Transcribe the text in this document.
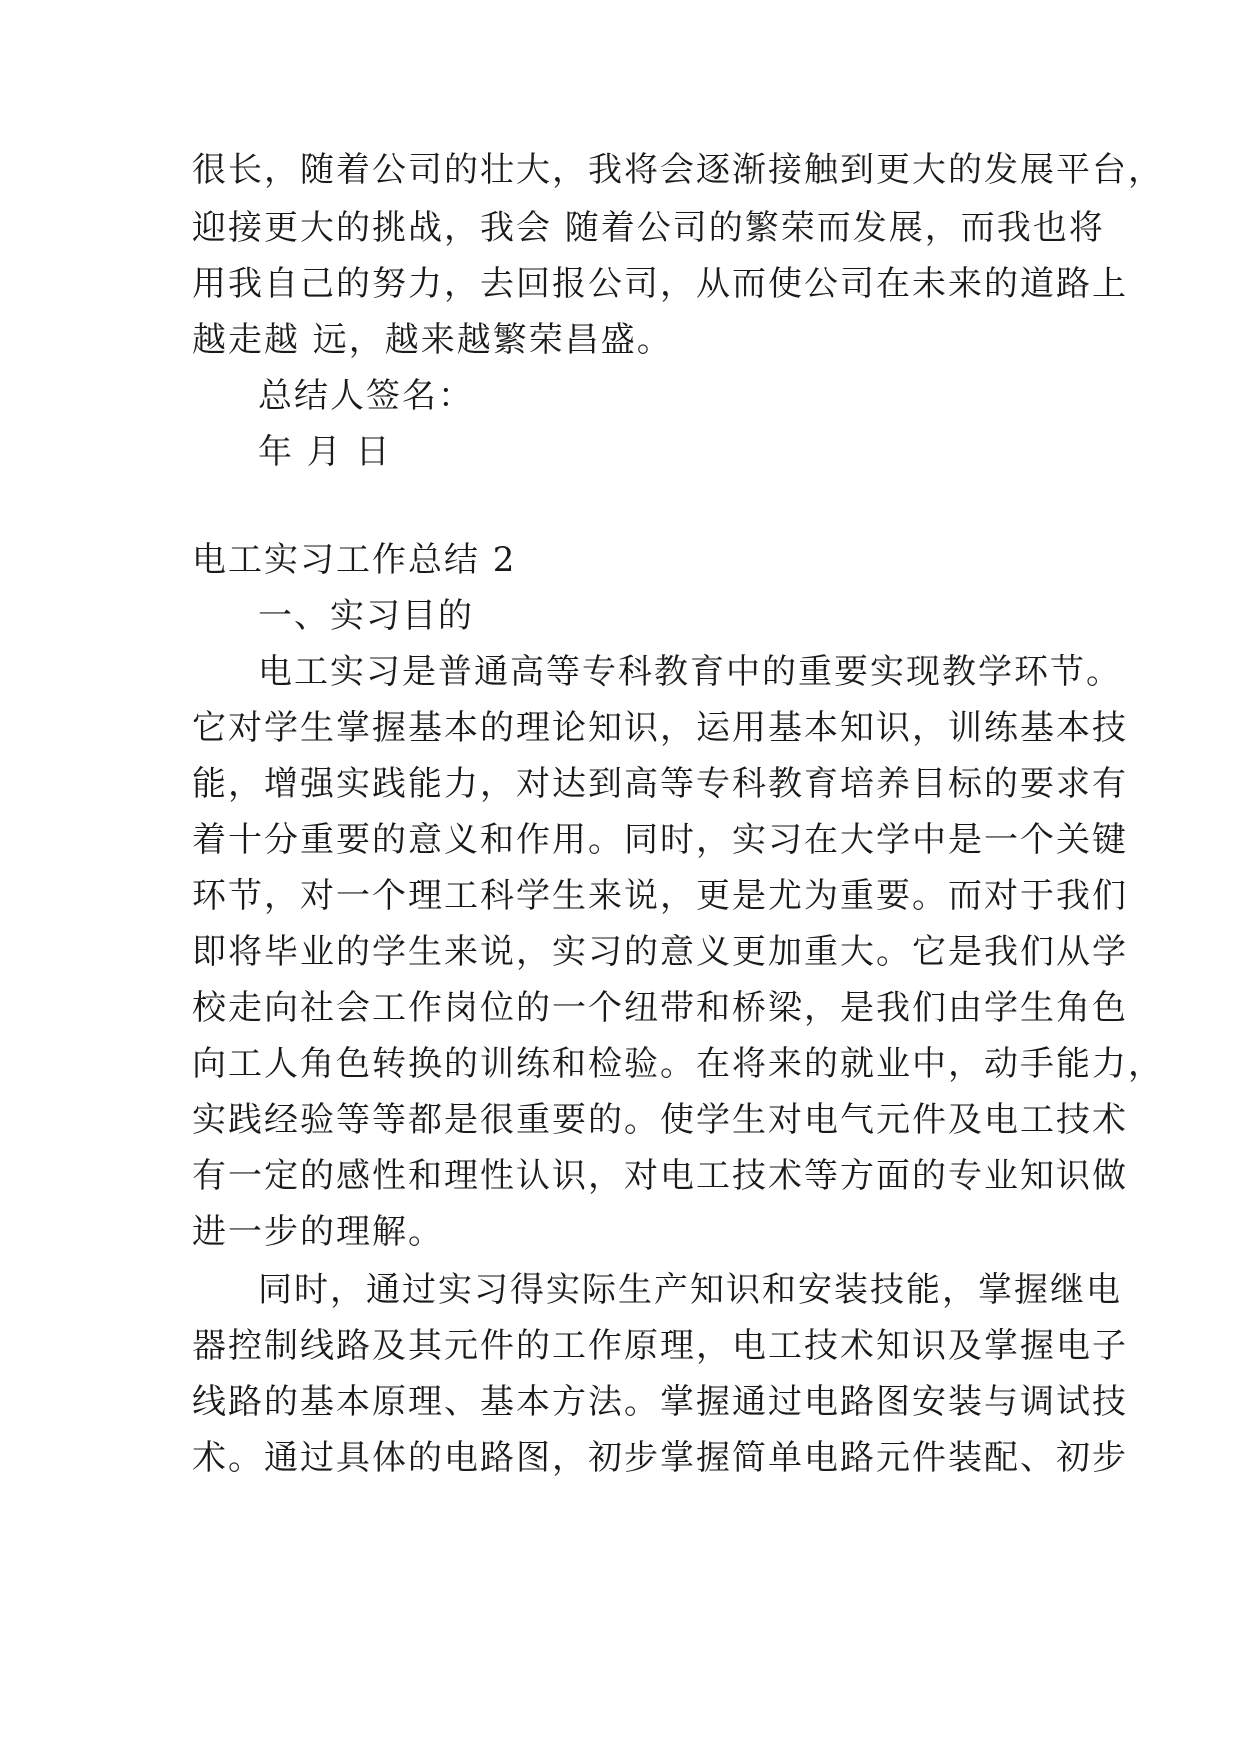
很长，随着公司的壮大，我将会逐渐接触到更大的发展平台，
迎接更大的挑战，我会 随着公司的繁荣而发展，而我也将
用我自己的努力，去回报公司，从而使公司在未来的道路上
越走越 远，越来越繁荣昌盛。
总结人签名：
年 月 日
电工实习工作总结 2
一、实习目的
电工实习是普通高等专科教育中的重要实现教学环节。
它对学生掌握基本的理论知识，运用基本知识，训练基本技
能，增强实践能力，对达到高等专科教育培养目标的要求有
着十分重要的意义和作用。同时，实习在大学中是一个关键
环节，对一个理工科学生来说，更是尤为重要。而对于我们
即将毕业的学生来说，实习的意义更加重大。它是我们从学
校走向社会工作岗位的一个纽带和桥梁，是我们由学生角色
向工人角色转换的训练和检验。在将来的就业中，动手能力，
实践经验等等都是很重要的。使学生对电气元件及电工技术
有一定的感性和理性认识，对电工技术等方面的专业知识做
进一步的理解。
同时，通过实习得实际生产知识和安装技能，掌握继电
器控制线路及其元件的工作原理，电工技术知识及掌握电子
线路的基本原理、基本方法。掌握通过电路图安装与调试技
术。通过具体的电路图，初步掌握简单电路元件装配、初步
